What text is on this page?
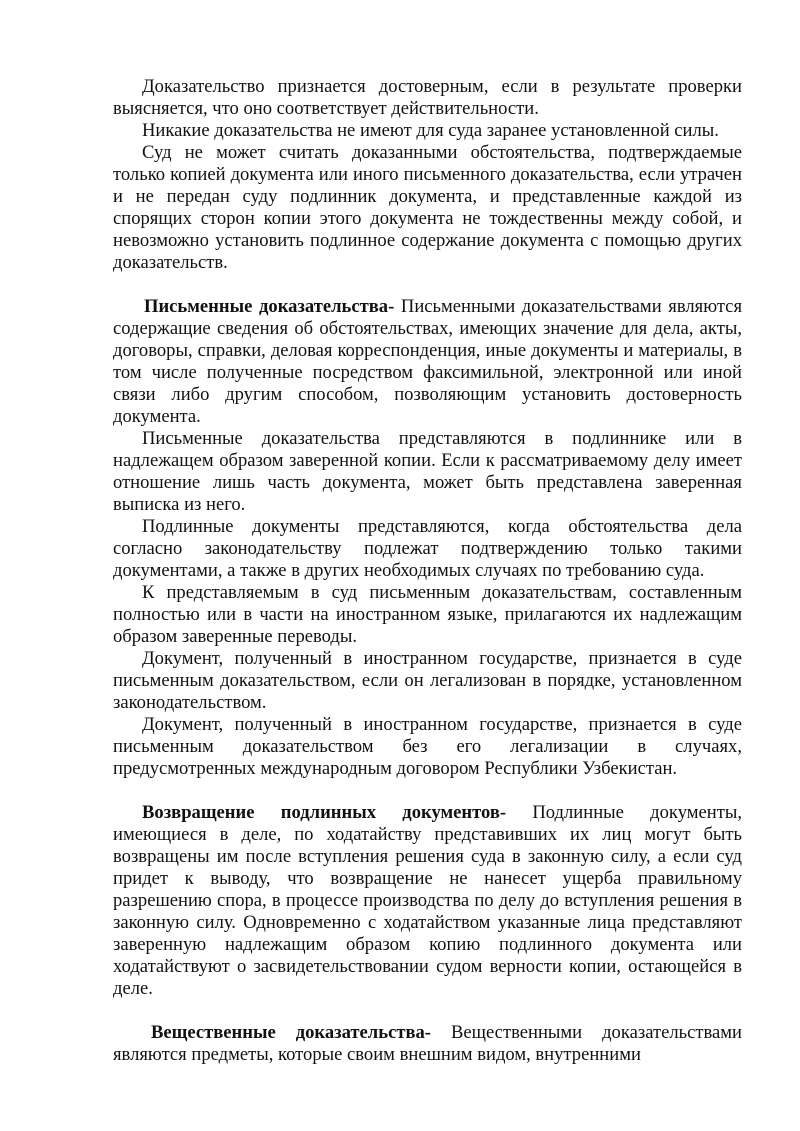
Доказательство признается достоверным, если в результате проверки выясняется, что оно соответствует действительности.

Никакие доказательства не имеют для суда заранее установленной силы.

Суд не может считать доказанными обстоятельства, подтверждаемые только копией документа или иного письменного доказательства, если утрачен и не передан суду подлинник документа, и представленные каждой из спорящих сторон копии этого документа не тождественны между собой, и невозможно установить подлинное содержание документа с помощью других доказательств.

Письменные доказательства- Письменными доказательствами являются содержащие сведения об обстоятельствах, имеющих значение для дела, акты, договоры, справки, деловая корреспонденция, иные документы и материалы, в том числе полученные посредством факсимильной, электронной или иной связи либо другим способом, позволяющим установить достоверность документа.

Письменные доказательства представляются в подлиннике или в надлежащем образом заверенной копии. Если к рассматриваемому делу имеет отношение лишь часть документа, может быть представлена заверенная выписка из него.

Подлинные документы представляются, когда обстоятельства дела согласно законодательству подлежат подтверждению только такими документами, а также в других необходимых случаях по требованию суда.

К представляемым в суд письменным доказательствам, составленным полностью или в части на иностранном языке, прилагаются их надлежащим образом заверенные переводы.

Документ, полученный в иностранном государстве, признается в суде письменным доказательством, если он легализован в порядке, установленном законодательством.

Документ, полученный в иностранном государстве, признается в суде письменным доказательством без его легализации в случаях, предусмотренных международным договором Республики Узбекистан.

Возвращение подлинных документов- Подлинные документы, имеющиеся в деле, по ходатайству представивших их лиц могут быть возвращены им после вступления решения суда в законную силу, а если суд придет к выводу, что возвращение не нанесет ущерба правильному разрешению спора, в процессе производства по делу до вступления решения в законную силу. Одновременно с ходатайством указанные лица представляют заверенную надлежащим образом копию подлинного документа или ходатайствуют о засвидетельствовании судом верности копии, остающейся в деле.

Вещественные доказательства- Вещественными доказательствами являются предметы, которые своим внешним видом, внутренними
